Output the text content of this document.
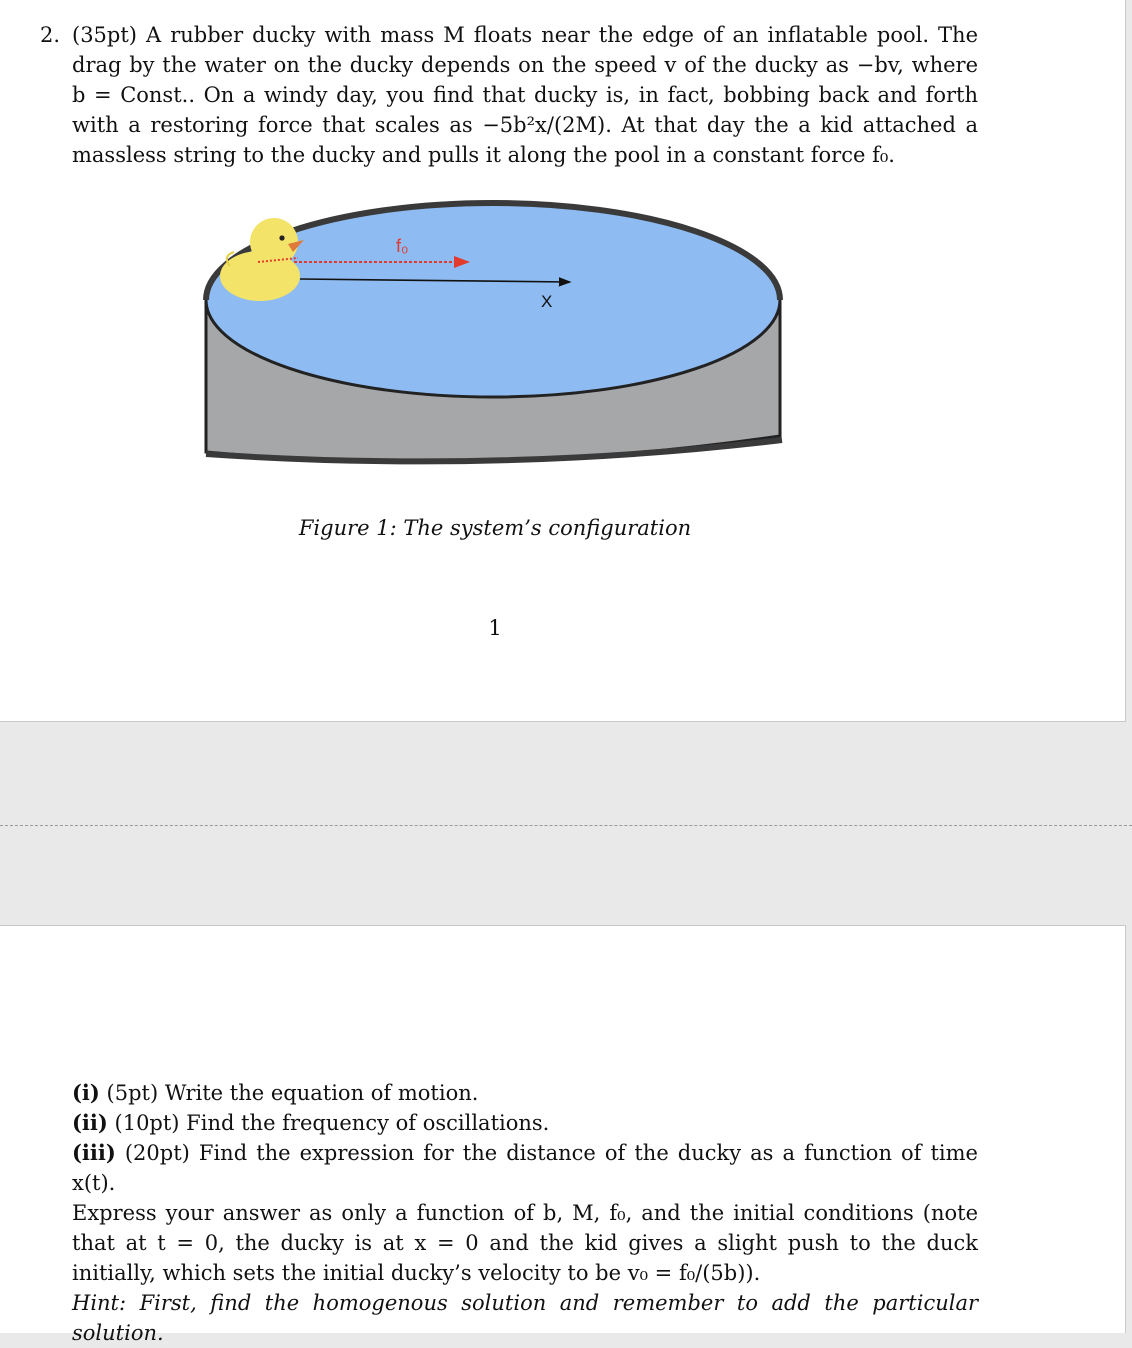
2. (35pt) A rubber ducky with mass M floats near the edge of an inflatable pool. The drag by the water on the ducky depends on the speed v of the ducky as −bv, where b = Const.. On a windy day, you find that ducky is, in fact, bobbing back and forth with a restoring force that scales as −5b²x/(2M). At that day the a kid attached a massless string to the ducky and pulls it along the pool in a constant force f₀.
f₀
X
Figure 1: The system’s configuration
1

(i) (5pt) Write the equation of motion.

(ii) (10pt) Find the frequency of oscillations.

(iii) (20pt) Find the expression for the distance of the ducky as a function of time x(t).

Express your answer as only a function of b, M, f₀, and the initial conditions (note that at t = 0, the ducky is at x = 0 and the kid gives a slight push to the duck initially, which sets the initial ducky’s velocity to be v₀ = f₀/(5b)).

Hint: First, find the homogenous solution and remember to add the particular solution.
